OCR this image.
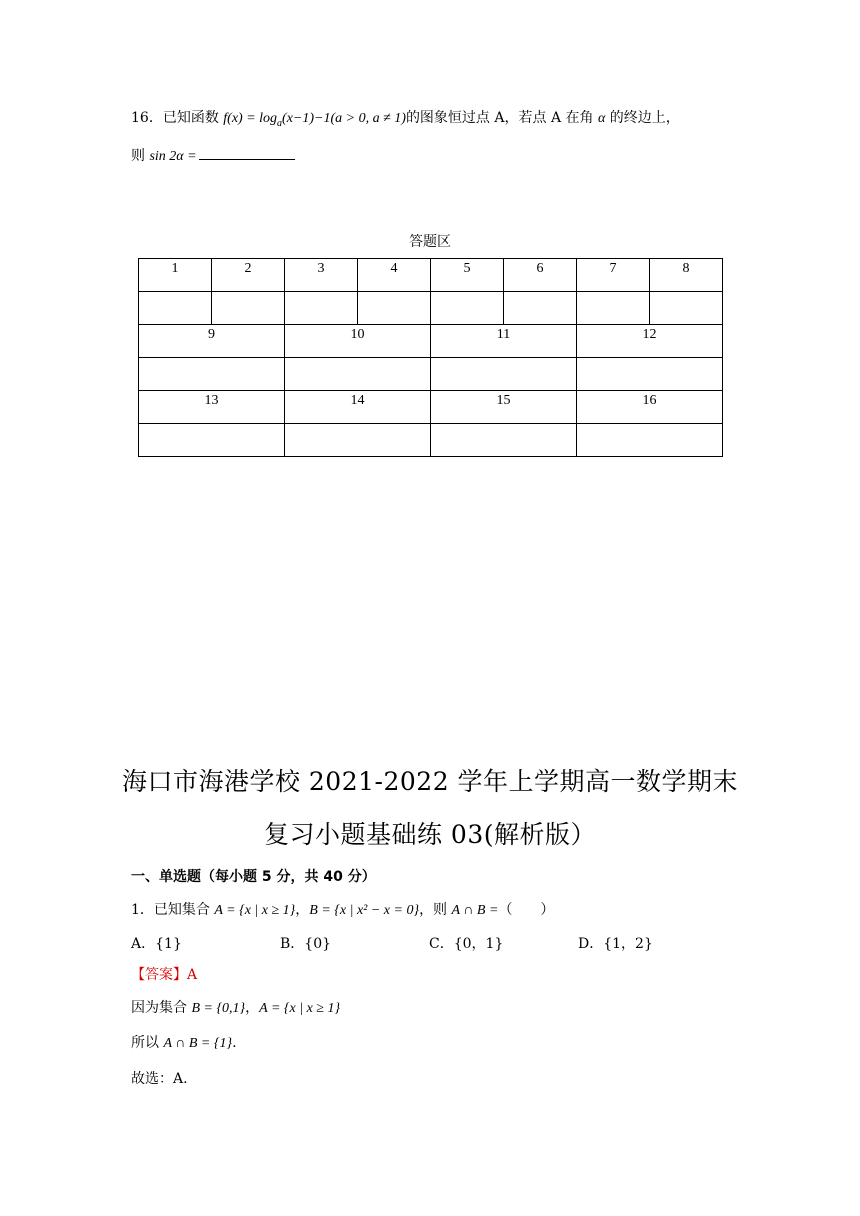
16．已知函数 $f(x) = \log_a(x-1)-1(a > 0$, a ≠ 1)的图象恒过点 A，若点 A 在角 α 的终边上，
则 sin 2α =
答题区
1	2	3	4	5	6	7	8

9		10		11		12	

13		14		15		16	

海口市海港学校 2021-2022 学年上学期高一数学期末
复习小题基础练 03(解析版）
一、单选题（每小题 5 分，共 40 分）
1．已知集合 A = {x | x ≥ 1}，B = {x | x² − x = 0}，则 A ∩ B =（　　）
A．{1}	B．{0}	C．{0，1}	D．{1，2}
【答案】A
因为集合 B = {0,1}，A = {x | x ≥ 1}
所以 A ∩ B = {1}.
故选：A.
